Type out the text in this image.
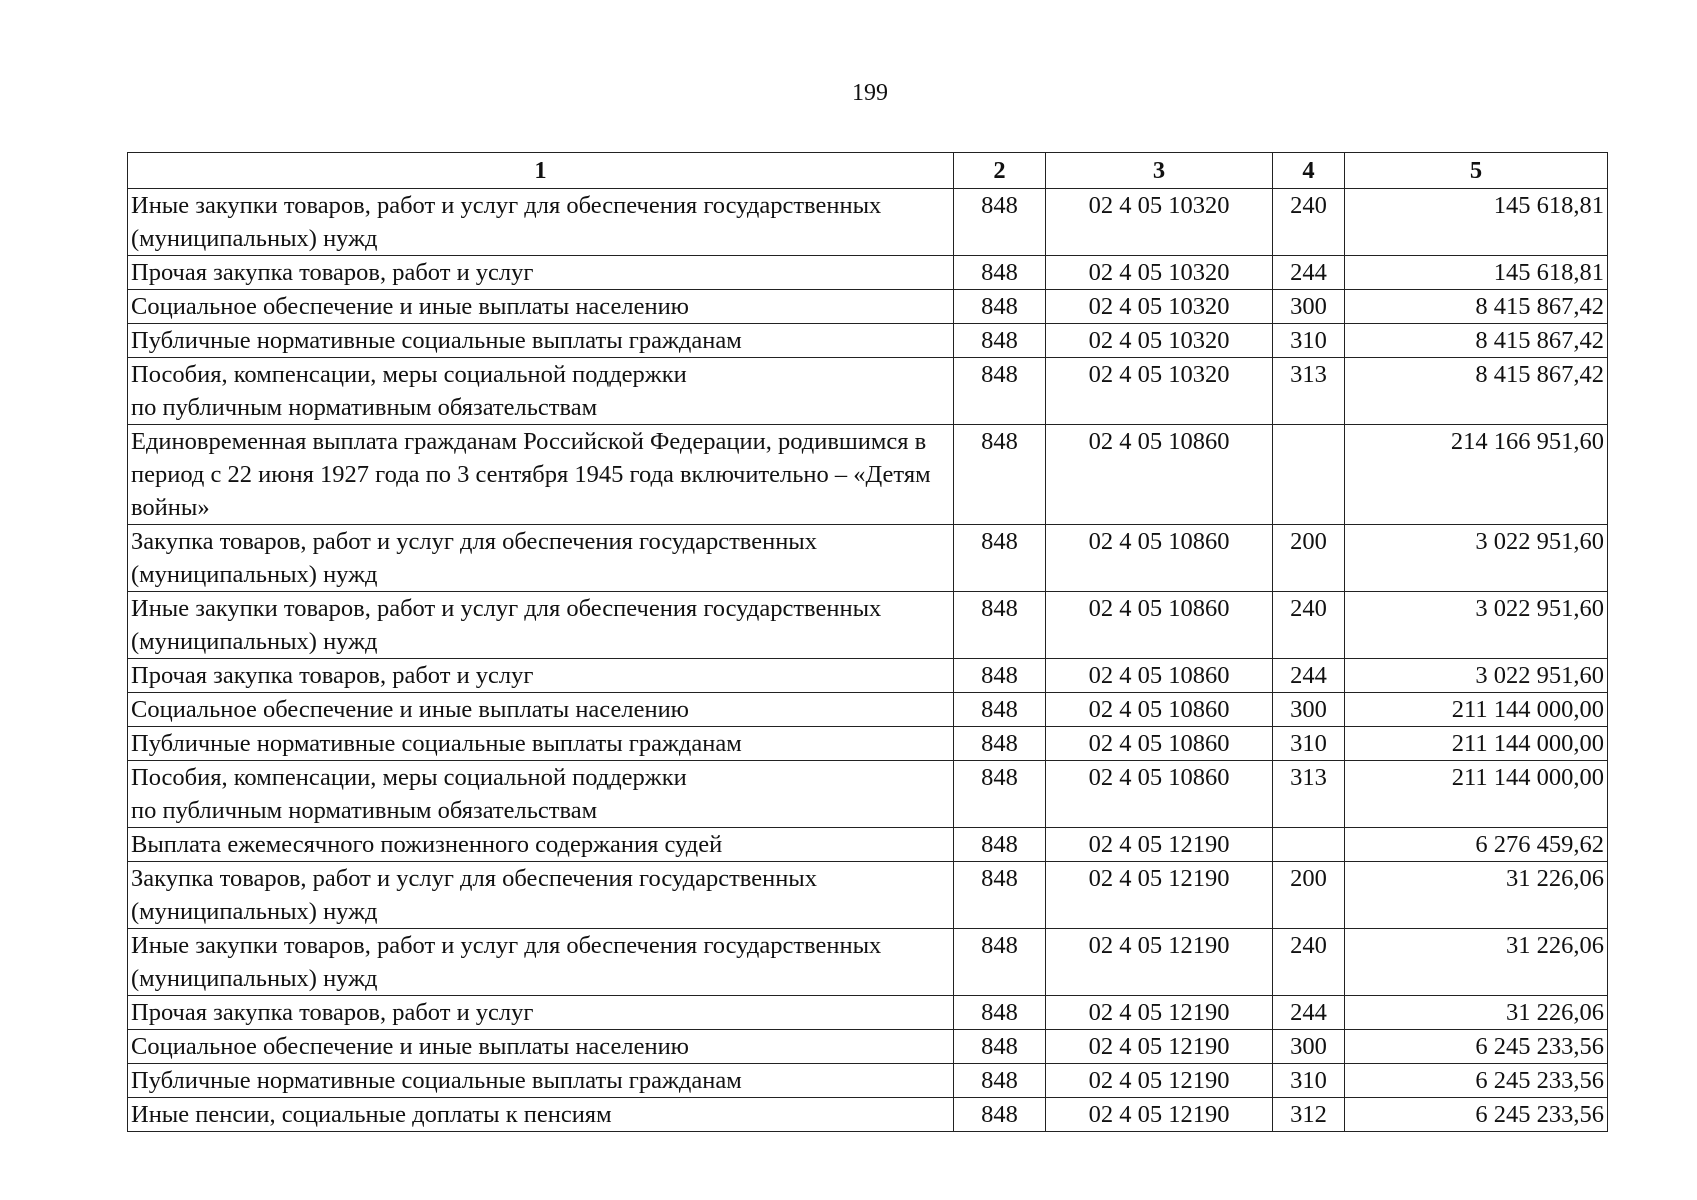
199
1	2	3	4	5
Иные закупки товаров, работ и услуг для обеспечения государственных (муниципальных) нужд	848	02 4 05 10320	240	145 618,81
Прочая закупка товаров, работ и услуг	848	02 4 05 10320	244	145 618,81
Социальное обеспечение и иные выплаты населению	848	02 4 05 10320	300	8 415 867,42
Публичные нормативные социальные выплаты гражданам	848	02 4 05 10320	310	8 415 867,42
Пособия, компенсации, меры социальной поддержки
по публичным нормативным обязательствам	848	02 4 05 10320	313	8 415 867,42
Единовременная выплата гражданам Российской Федерации, родившимся в период с 22 июня 1927 года по 3 сентября 1945 года включительно – «Детям войны»	848	02 4 05 10860		214 166 951,60
Закупка товаров, работ и услуг для обеспечения государственных (муниципальных) нужд	848	02 4 05 10860	200	3 022 951,60
Иные закупки товаров, работ и услуг для обеспечения государственных (муниципальных) нужд	848	02 4 05 10860	240	3 022 951,60
Прочая закупка товаров, работ и услуг	848	02 4 05 10860	244	3 022 951,60
Социальное обеспечение и иные выплаты населению	848	02 4 05 10860	300	211 144 000,00
Публичные нормативные социальные выплаты гражданам	848	02 4 05 10860	310	211 144 000,00
Пособия, компенсации, меры социальной поддержки
по публичным нормативным обязательствам	848	02 4 05 10860	313	211 144 000,00
Выплата ежемесячного пожизненного содержания судей	848	02 4 05 12190		6 276 459,62
Закупка товаров, работ и услуг для обеспечения государственных (муниципальных) нужд	848	02 4 05 12190	200	31 226,06
Иные закупки товаров, работ и услуг для обеспечения государственных (муниципальных) нужд	848	02 4 05 12190	240	31 226,06
Прочая закупка товаров, работ и услуг	848	02 4 05 12190	244	31 226,06
Социальное обеспечение и иные выплаты населению	848	02 4 05 12190	300	6 245 233,56
Публичные нормативные социальные выплаты гражданам	848	02 4 05 12190	310	6 245 233,56
Иные пенсии, социальные доплаты к пенсиям	848	02 4 05 12190	312	6 245 233,56
